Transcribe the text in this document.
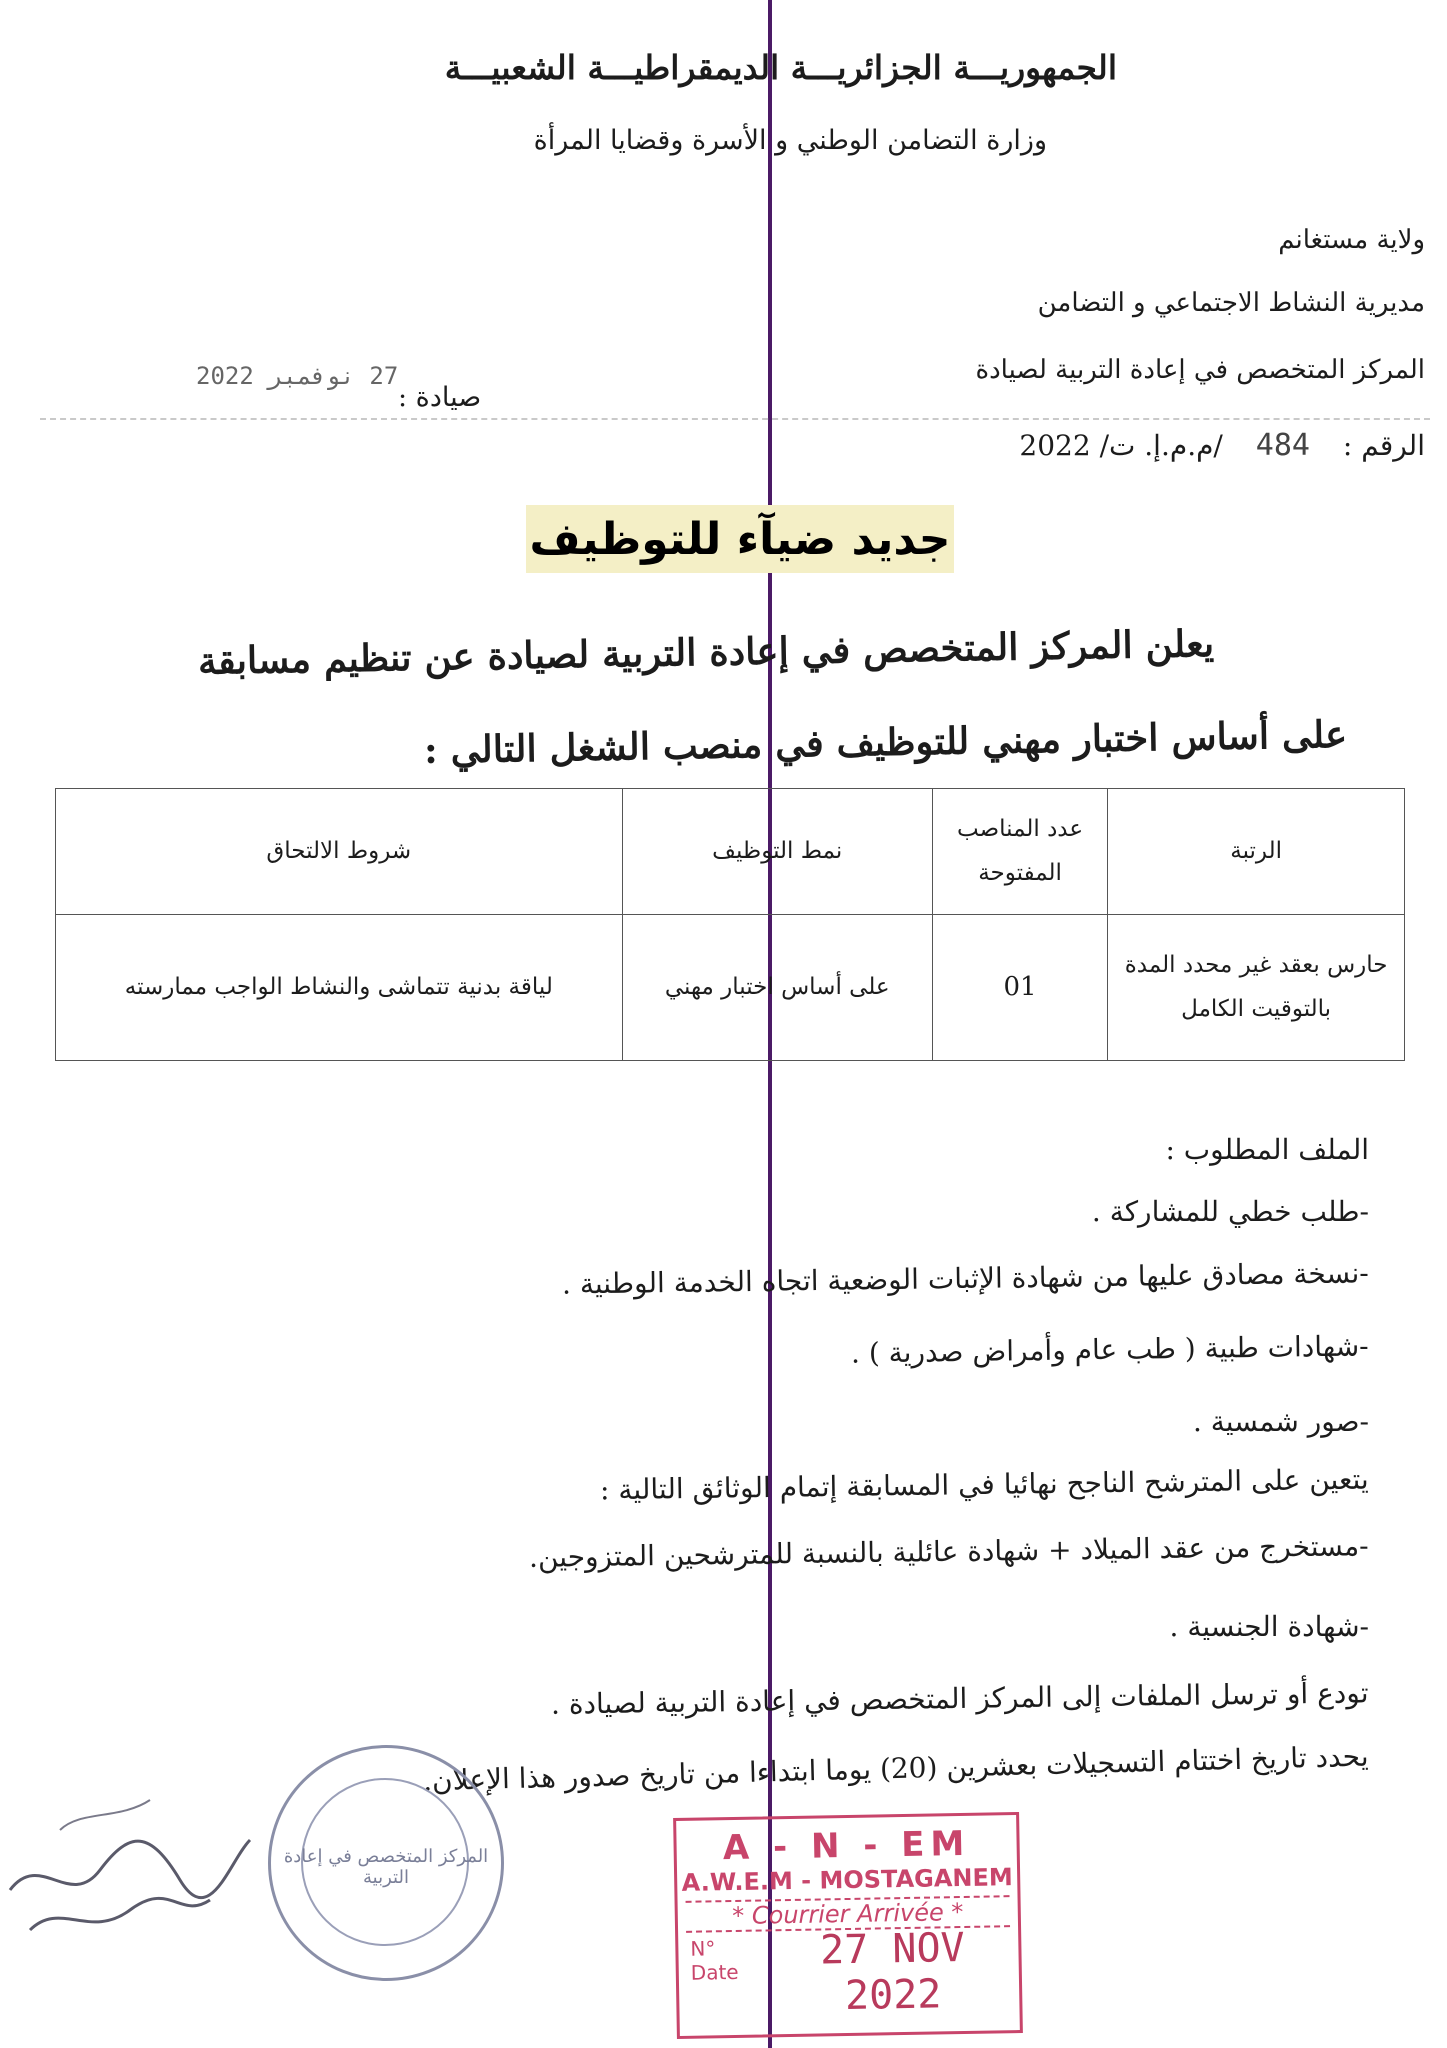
الجمهوريـــة الجزائريـــة الديمقراطيـــة الشعبيـــة
وزارة التضامن الوطني و الأسرة وقضايا المرأة
ولاية مستغانم
مديرية النشاط الاجتماعي و التضامن
المركز المتخصص في إعادة التربية لصيادة
الرقم : 484 /م.م.إ. ت/ 2022
صيادة :
27 نوفمبر 2022
جديد ضيآء للتوظيف
يعلن المركز المتخصص في إعادة التربية لصيادة عن تنظيم مسابقة
على أساس اختبار مهني للتوظيف في منصب الشغل التالي :
الرتبة	عدد المناصب المفتوحة	نمط التوظيف	شروط الالتحاق
حارس بعقد غير محدد المدة بالتوقيت الكامل	01	على أساس اختبار مهني	لياقة بدنية تتماشى والنشاط الواجب ممارسته
الملف المطلوب :
-طلب خطي للمشاركة .
-نسخة مصادق عليها من شهادة الإثبات الوضعية اتجاه الخدمة الوطنية .
-شهادات طبية ( طب عام وأمراض صدرية ) .
-صور شمسية .
يتعين على المترشح الناجح نهائيا في المسابقة إتمام الوثائق التالية :
-مستخرج من عقد الميلاد + شهادة عائلية بالنسبة للمترشحين المتزوجين.
-شهادة الجنسية .
تودع أو ترسل الملفات إلى المركز المتخصص في إعادة التربية لصيادة .
يحدد تاريخ اختتام التسجيلات بعشرين (20) يوما ابتداءا من تاريخ صدور هذا الإعلان.
المركز المتخصص في إعادة التربية
A - N - EM
A.W.E.M - MOSTAGANEM
* Courrier Arrivée *
N°
Date	27 NOV 2022
